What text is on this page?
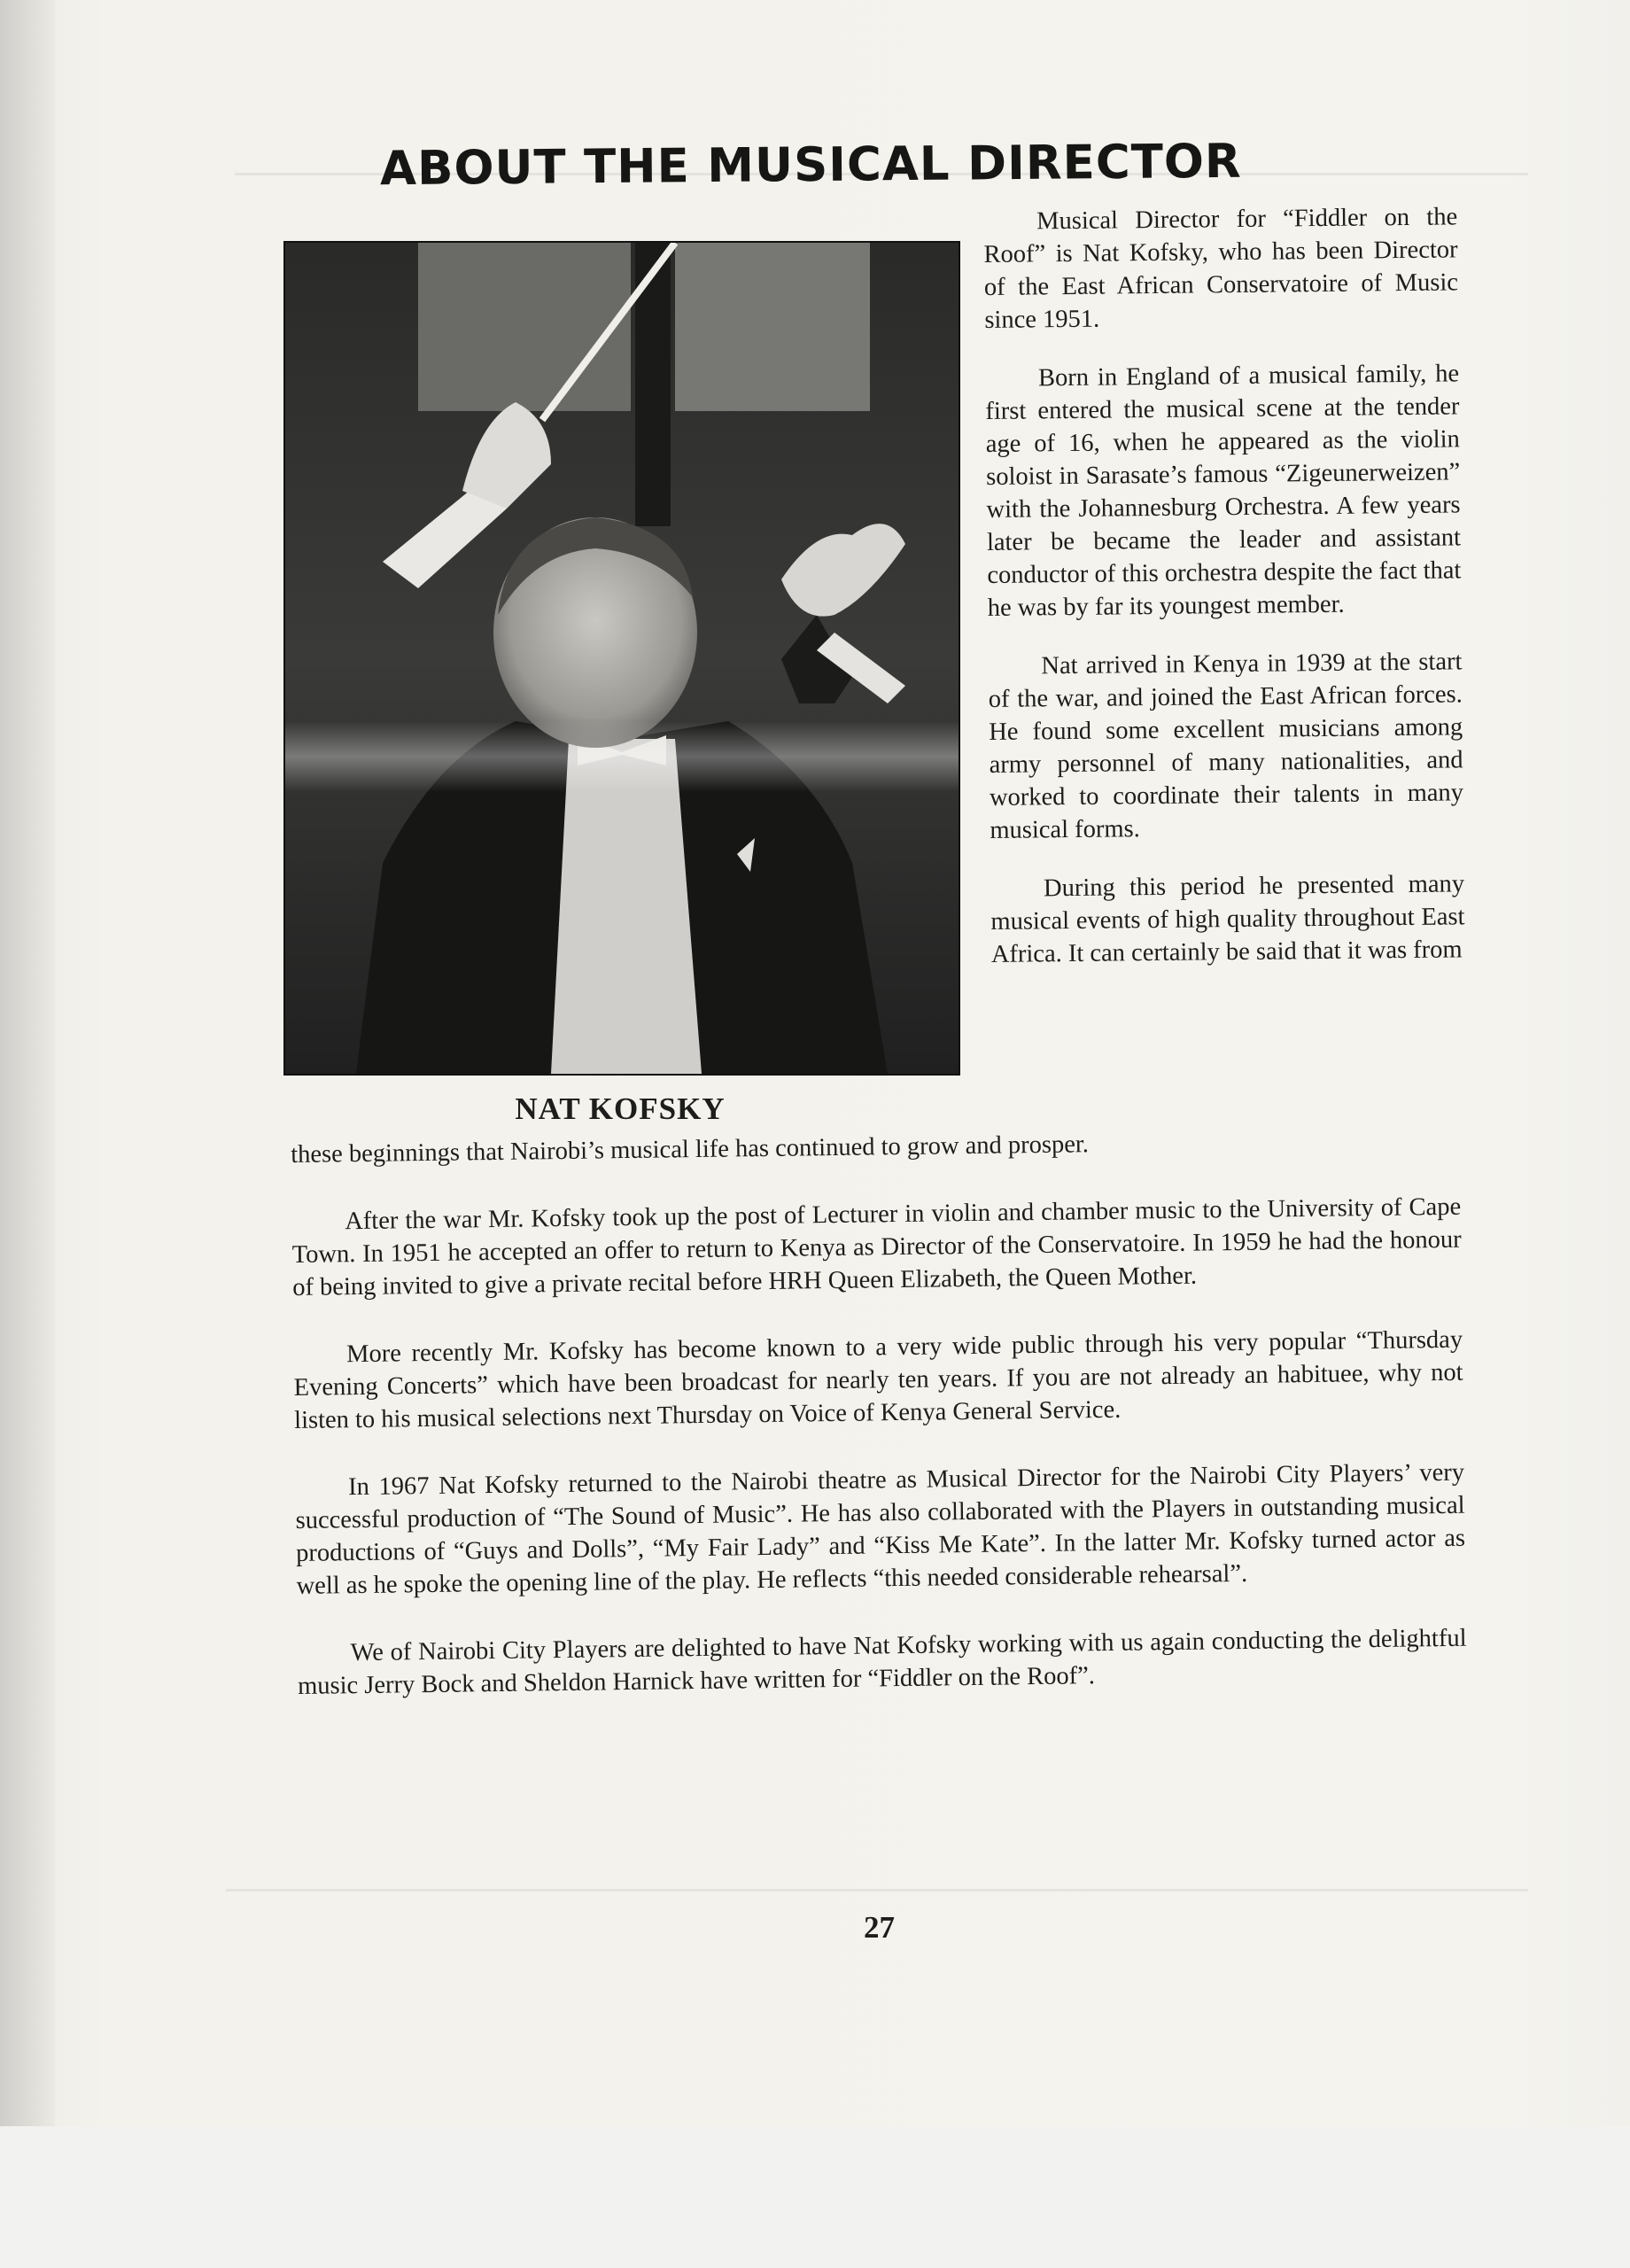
ABOUT THE MUSICAL DIRECTOR
NAT KOFSKY

Musical Director for “Fiddler on the Roof” is Nat Kofsky, who has been Director of the East African Conservatoire of Music since 1951.

Born in England of a musical family, he first entered the musical scene at the tender age of 16, when he appeared as the violin soloist in Sarasate’s famous “Zigeunerweizen” with the Johannesburg Orchestra. A few years later be became the leader and assistant conductor of this orchestra despite the fact that he was by far its youngest member.

Nat arrived in Kenya in 1939 at the start of the war, and joined the East African forces. He found some excellent musicians among army personnel of many nationalities, and worked to coordinate their talents in many musical forms.

During this period he presented many musical events of high quality throughout East Africa. It can certainly be said that it was from

these beginnings that Nairobi’s musical life has continued to grow and prosper.

After the war Mr. Kofsky took up the post of Lecturer in violin and chamber music to the University of Cape Town. In 1951 he accepted an offer to return to Kenya as Director of the Conservatoire. In 1959 he had the honour of being invited to give a private recital before HRH Queen Elizabeth, the Queen Mother.

More recently Mr. Kofsky has become known to a very wide public through his very popular “Thursday Evening Concerts” which have been broadcast for nearly ten years. If you are not already an habituee, why not listen to his musical selections next Thursday on Voice of Kenya General Service.

In 1967 Nat Kofsky returned to the Nairobi theatre as Musical Director for the Nairobi City Players’ very successful production of “The Sound of Music”. He has also collaborated with the Players in outstanding musical productions of “Guys and Dolls”, “My Fair Lady” and “Kiss Me Kate”. In the latter Mr. Kofsky turned actor as well as he spoke the opening line of the play. He reflects “this needed considerable rehearsal”.

We of Nairobi City Players are delighted to have Nat Kofsky working with us again conducting the delightful music Jerry Bock and Sheldon Harnick have written for “Fiddler on the Roof”.

27
